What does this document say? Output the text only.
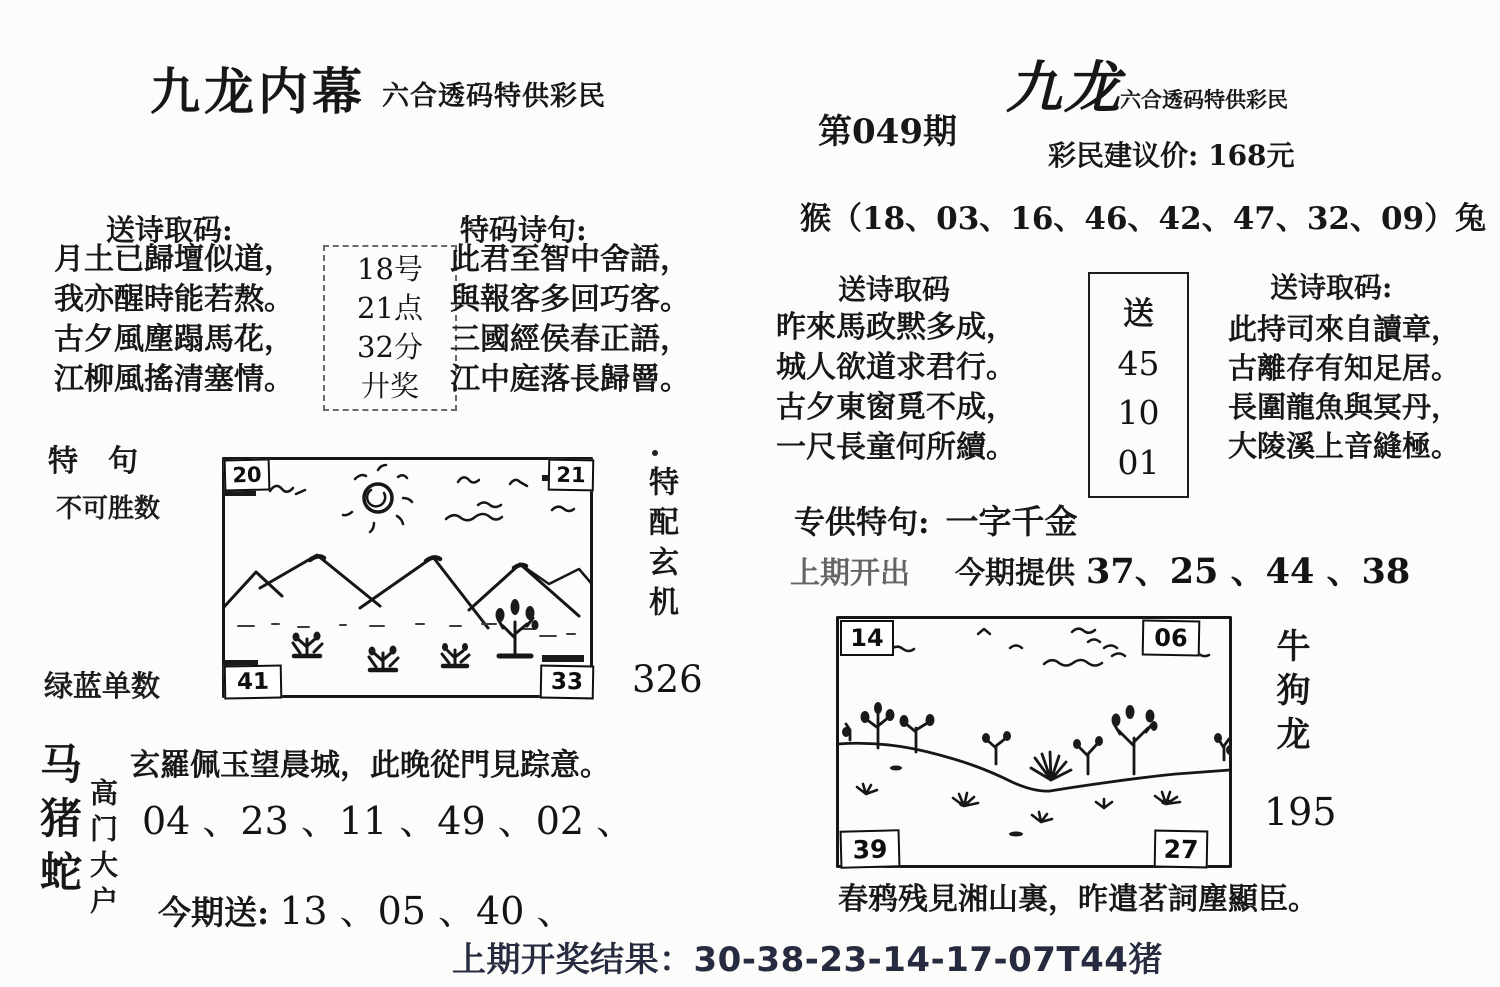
九龙内幕 六合透码特供彩民	九龙
六合透码特供彩民
第049期
彩民建议价: 168元
猴（18、03、16、46、42、47、32、09）兔
送诗取码:
月土已歸壇似道，
我亦醒時能若熬。
古夕風塵蹋馬花，
江柳風搖清塞情。
18号
21点
32分
廾奖
特码诗句:
此君至智中舍語，
與報客多回巧客。
三國經侯春正語，
江中庭落長歸罾。
特　句
不可胜数
绿蓝单数
20	21
41	33
特配玄机
326
马猪蛇 高门大户
玄羅佩玉望晨城，此晚從門見踪意。
04 、23 、11 、49 、02 、
今期送: 13 、05 、40 、
送诗取码
昨來馬政黙多成，
城人欲道求君行。
古夕東窗覓不成，
一尺長童何所續。
送
45
10
01
送诗取码:
此持司來自讀章，
古離存有知足居。
長圍龍魚與冥丹，
大陵溪上音縫極。
专供特句: 一字千金
上期开出 今期提供 37、25 、44 、38
14	06
39	27
春鸦残見湘山裏，昨遣茗詞塵顯臣。
牛狗龙
195
上期开奖结果：30-38-23-14-17-07T44猪
